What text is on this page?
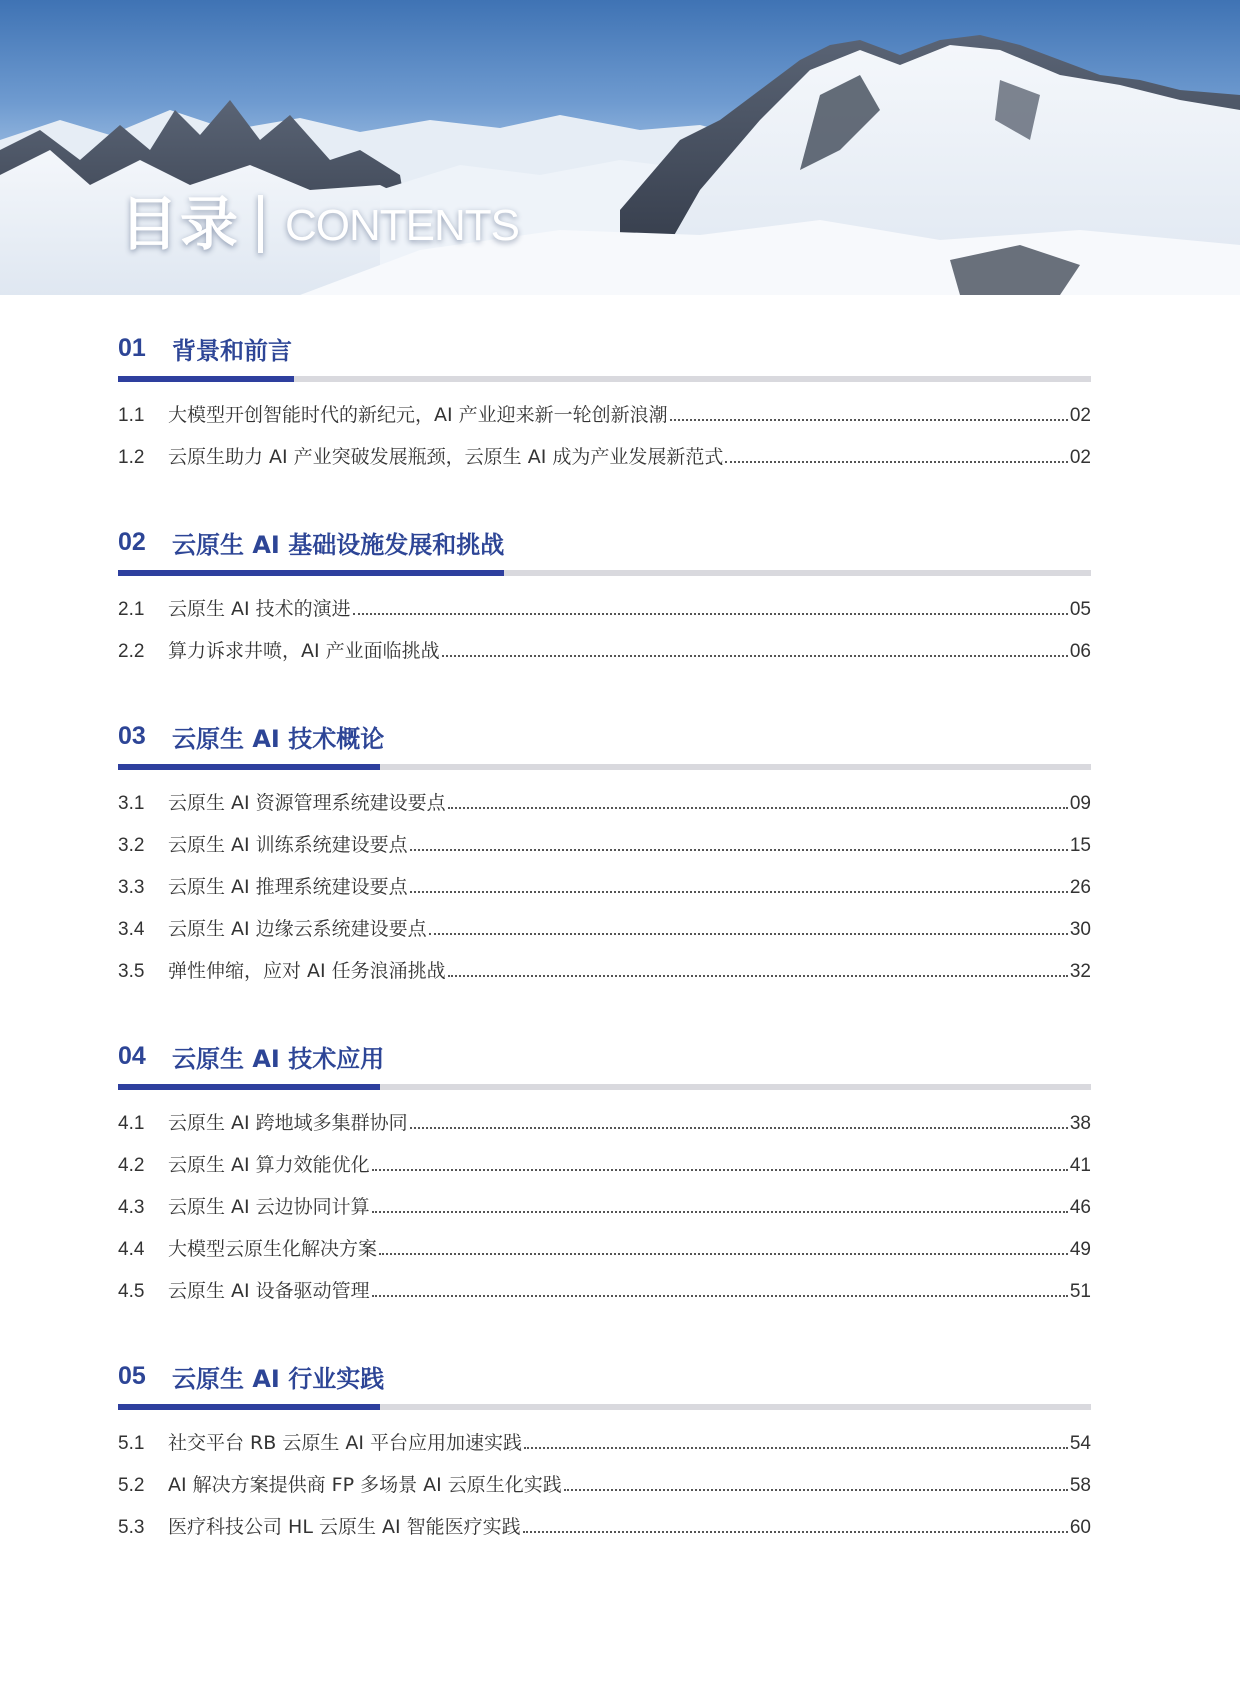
目录 CONTENTS
01	背景和前言
1.1	大模型开创智能时代的新纪元，AI 产业迎来新一轮创新浪潮	02
1.2	云原生助力 AI 产业突破发展瓶颈，云原生 AI 成为产业发展新范式	02
02	云原生 AI 基础设施发展和挑战
2.1	云原生 AI 技术的演进	05
2.2	算力诉求井喷，AI 产业面临挑战	06
03	云原生 AI 技术概论
3.1	云原生 AI 资源管理系统建设要点	09
3.2	云原生 AI 训练系统建设要点	15
3.3	云原生 AI 推理系统建设要点	26
3.4	云原生 AI 边缘云系统建设要点	30
3.5	弹性伸缩，应对 AI 任务浪涌挑战	32
04	云原生 AI 技术应用
4.1	云原生 AI 跨地域多集群协同	38
4.2	云原生 AI 算力效能优化	41
4.3	云原生 AI 云边协同计算	46
4.4	大模型云原生化解决方案	49
4.5	云原生 AI 设备驱动管理	51
05	云原生 AI 行业实践
5.1	社交平台 RB 云原生 AI 平台应用加速实践	54
5.2	AI 解决方案提供商 FP 多场景 AI 云原生化实践	58
5.3	医疗科技公司 HL 云原生 AI 智能医疗实践	60
